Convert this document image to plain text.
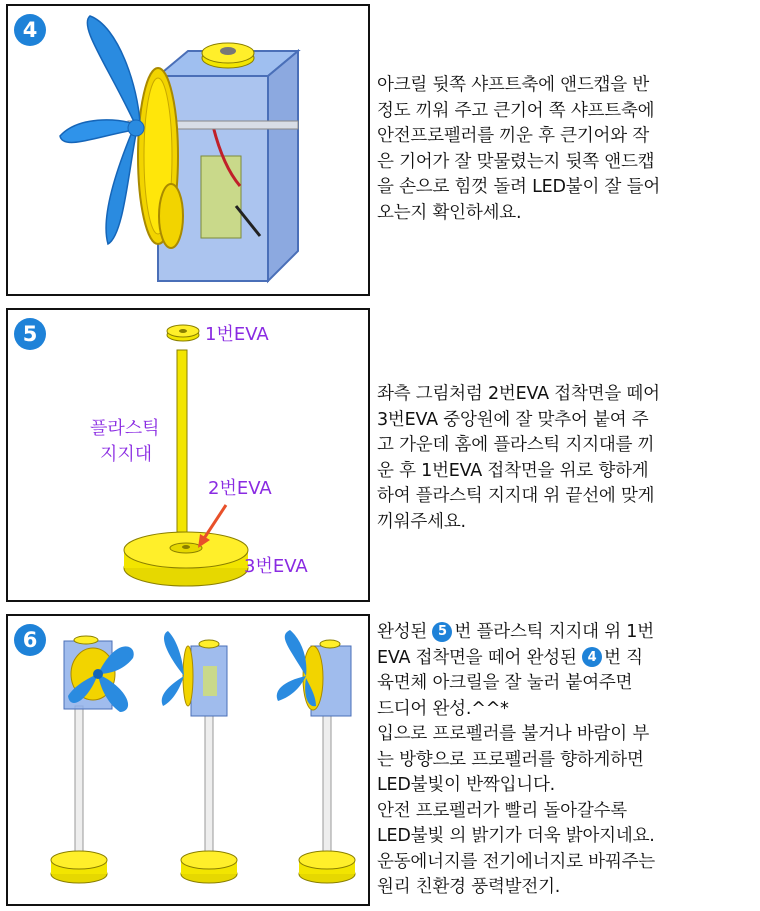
4
아크릴 뒷쪽 샤프트축에 앤드캡을 반
정도 끼워 주고 큰기어 쪽 샤프트축에
안전프로펠러를 끼운 후 큰기어와 작
은 기어가 잘 맞물렸는지 뒷쪽 앤드캡
을 손으로 힘껏 돌려 LED불이 잘 들어
오는지 확인하세요.
5	1번EVA
2번EVA
3번EVA
플라스틱
지지대
좌측 그림처럼 2번EVA 접착면을 떼어
3번EVA 중앙원에 잘 맞추어 붙여 주
고 가운데 홈에 플라스틱 지지대를 끼
운 후 1번EVA 접착면을 위로 향하게
하여 플라스틱 지지대 위 끝선에 맞게
끼워주세요.
6	완성된 5 번 플라스틱 지지대 위 1번
EVA 접착면을 떼어 완성된 4 번 직
육면체 아크릴을 잘 눌러 붙여주면
드디어 완성.^^*
입으로 프로펠러를 불거나 바람이 부
는 방향으로 프로펠러를 향하게하면
LED불빛이 반짝입니다.
안전 프로펠러가 빨리 돌아갈수록
LED불빛 의 밝기가 더욱 밝아지네요.
운동에너지를 전기에너지로 바꿔주는
원리 친환경 풍력발전기.
